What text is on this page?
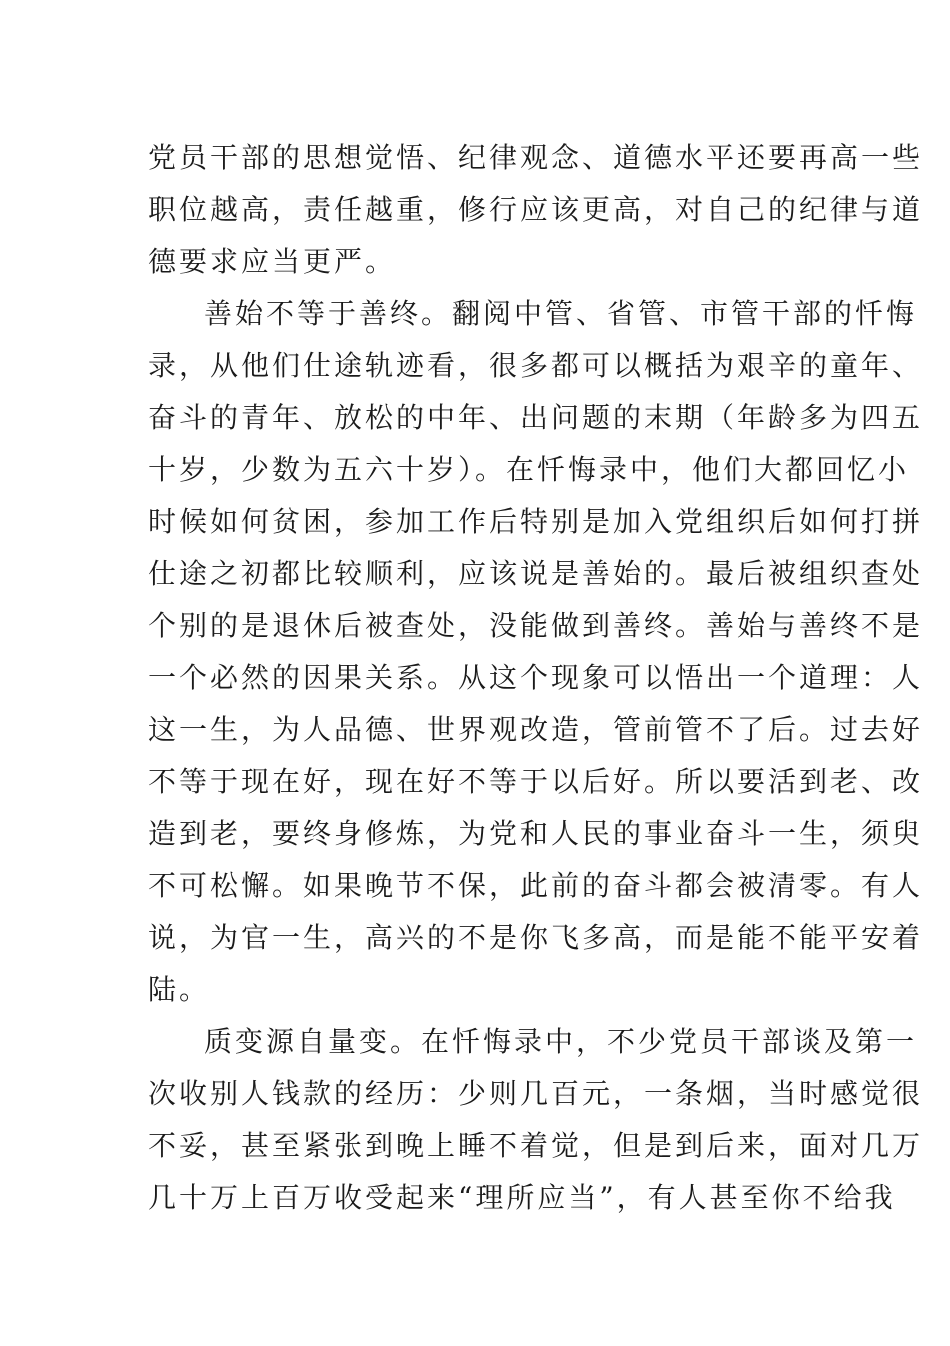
党员干部的思想觉悟、纪律观念、道德水平还要再高一些
职位越高，责任越重，修行应该更高，对自己的纪律与道
德要求应当更严。
善始不等于善终。翻阅中管、省管、市管干部的忏悔
录，从他们仕途轨迹看，很多都可以概括为艰辛的童年、
奋斗的青年、放松的中年、出问题的末期（年龄多为四五
十岁，少数为五六十岁）。在忏悔录中，他们大都回忆小
时候如何贫困，参加工作后特别是加入党组织后如何打拼
仕途之初都比较顺利，应该说是善始的。最后被组织查处
个别的是退休后被查处，没能做到善终。善始与善终不是
一个必然的因果关系。从这个现象可以悟出一个道理：人
这一生，为人品德、世界观改造，管前管不了后。过去好
不等于现在好，现在好不等于以后好。所以要活到老、改
造到老，要终身修炼，为党和人民的事业奋斗一生，须臾
不可松懈。如果晚节不保，此前的奋斗都会被清零。有人
说，为官一生，高兴的不是你飞多高，而是能不能平安着
陆。
质变源自量变。在忏悔录中，不少党员干部谈及第一
次收别人钱款的经历：少则几百元，一条烟，当时感觉很
不妥，甚至紧张到晚上睡不着觉，但是到后来，面对几万
几十万上百万收受起来“理所应当”，有人甚至你不给我
